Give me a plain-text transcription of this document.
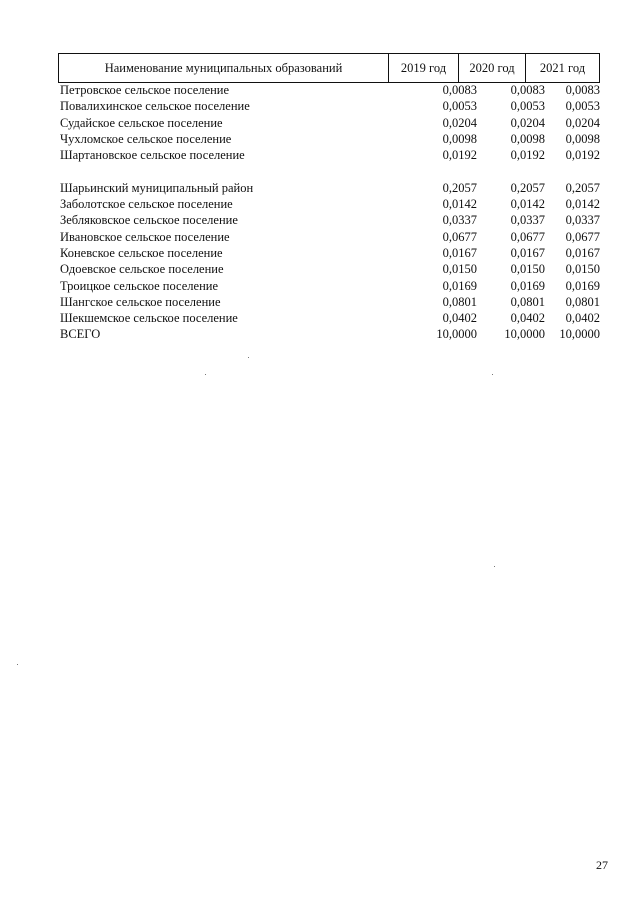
Наименование муниципальных образований	2019 год	2020 год	2021 год
Петровское сельское поселение	0,0083	0,0083 0,0083
Повалихинское сельское поселение	0,0053	0,0053 0,0053
Судайское сельское поселение	0,0204	0,0204 0,0204
Чухломское сельское поселение	0,0098	0,0098 0,0098
Шартановское сельское поселение	0,0192	0,0192 0,0192
Шарьинский муниципальный район	0,2057	0,2057 0,2057
Заболотское сельское поселение	0,0142	0,0142 0,0142
Зебляковское сельское поселение	0,0337	0,0337 0,0337
Ивановское сельское поселение	0,0677	0,0677 0,0677
Коневское сельское поселение	0,0167	0,0167 0,0167
Одоевское сельское поселение	0,0150	0,0150 0,0150
Троицкое сельское поселение	0,0169	0,0169 0,0169
Шангское сельское поселение	0,0801	0,0801 0,0801
Шекшемское сельское поселение	0,0402	0,0402 0,0402
ВСЕГО	10,0000 10,0000 10,0000
27
